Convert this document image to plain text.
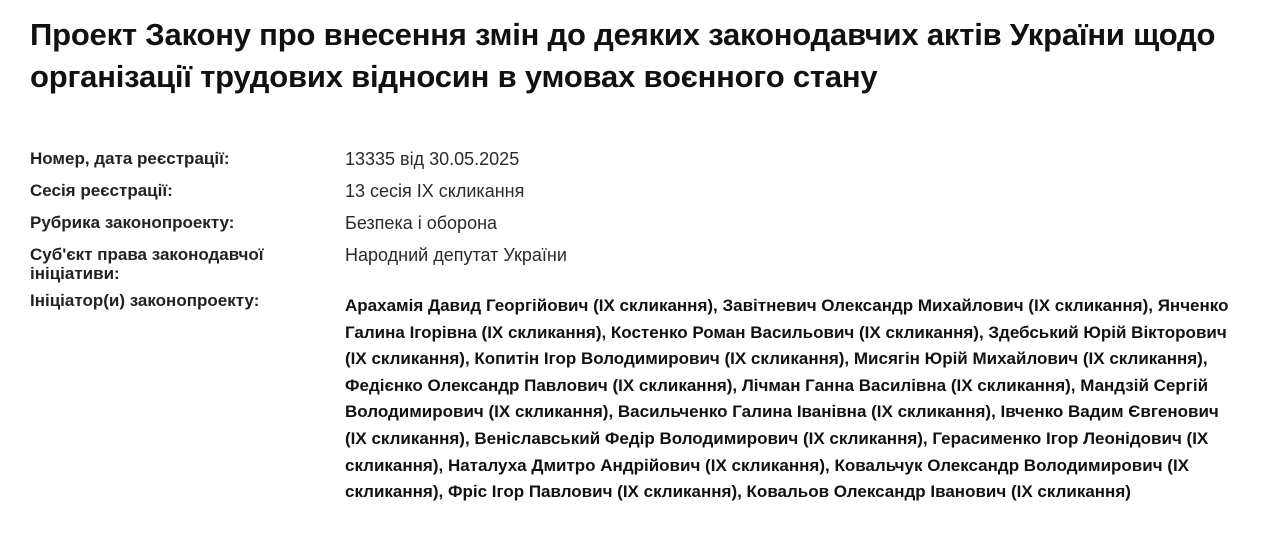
Проект Закону про внесення змін до деяких законодавчих актів України щодо організації трудових відносин в умовах воєнного стану
Номер, дата реєстрації:	13335 від 30.05.2025
Сесія реєстрації:	13 сесія IX скликання
Рубрика законопроекту:	Безпека і оборона
Суб'єкт права законодавчої ініціативи:
Народний депутат України
Ініціатор(и) законопроекту:	Арахамія Давид Георгійович (IX скликання), Завітневич Олександр Михайлович (IX скликання), Янченко Галина Ігорівна (IX скликання), Костенко Роман Васильович (IX скликання), Здебський Юрій Вікторович (IX скликання), Копитін Ігор Володимирович (IX скликання), Мисягін Юрій Михайлович (IX скликання), Федієнко Олександр Павлович (IX скликання), Лічман Ганна Василівна (IX скликання), Мандзій Сергій Володимирович (IX скликання), Васильченко Галина Іванівна (IX скликання), Івченко Вадим Євгенович (IX скликання), Веніславський Федір Володимирович (IX скликання), Герасименко Ігор Леонідович (IX скликання), Наталуха Дмитро Андрійович (IX скликання), Ковальчук Олександр Володимирович (IX скликання), Фріс Ігор Павлович (IX скликання), Ковальов Олександр Іванович (IX скликання)
